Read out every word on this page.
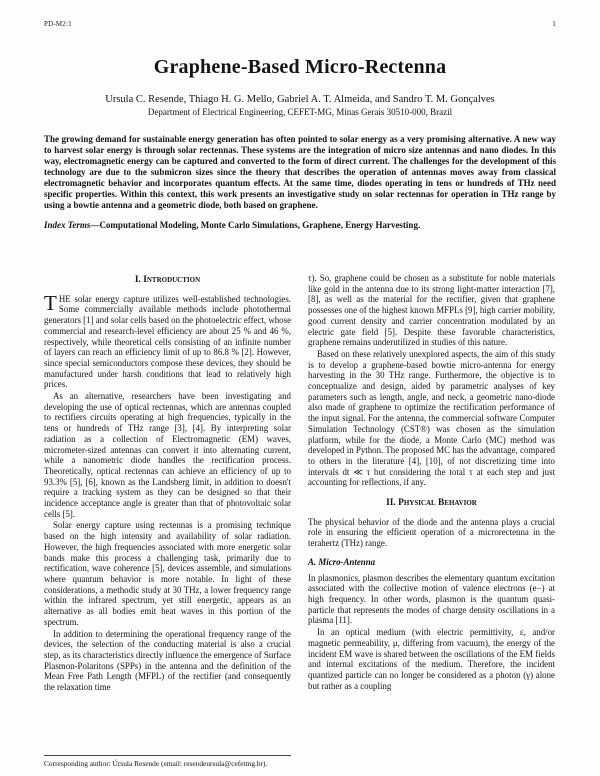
PD-M2:1	1
Graphene-Based Micro-Rectenna
Ursula C. Resende, Thiago H. G. Mello, Gabriel A. T. Almeida, and Sandro T. M. Gonçalves
Department of Electrical Engineering, CEFET-MG, Minas Gerais 30510-000, Brazil

The growing demand for sustainable energy generation has often pointed to solar energy as a very promising alternative. A new way to harvest solar energy is through solar rectennas. These systems are the integration of micro size antennas and nano diodes. In this way, electromagnetic energy can be captured and converted to the form of direct current. The challenges for the development of this technology are due to the submicron sizes since the theory that describes the operation of antennas moves away from classical electromagnetic behavior and incorporates quantum effects. At the same time, diodes operating in tens or hundreds of THz need specific properties. Within this context, this work presents an investigative study on solar rectennas for operation in THz range by using a bowtie antenna and a geometric diode, both based on graphene.

Index Terms—Computational Modeling, Monte Carlo Simulations, Graphene, Energy Harvesting.

I. Introduction

THE solar energy capture utilizes well-established technologies. Some commercially available methods include photothermal generators [1] and solar cells based on the photoelectric effect, whose commercial and research-level efficiency are about 25 % and 46 %, respectively, while theoretical cells consisting of an infinite number of layers can reach an efficiency limit of up to 86.8 % [2]. However, since special semiconductors compose these devices, they should be manufactured under harsh conditions that lead to relatively high prices.

As an alternative, researchers have been investigating and developing the use of optical rectennas, which are antennas coupled to rectifiers circuits operating at high frequencies, typically in the tens or hundreds of THz range [3], [4]. By interpreting solar radiation as a collection of Electromagnetic (EM) waves, micrometer-sized antennas can convert it into alternating current, while a nanometric diode handles the rectification process. Theoretically, optical rectennas can achieve an efficiency of up to 93.3% [5], [6], known as the Landsberg limit, in addition to doesn't require a tracking system as they can be designed so that their incidence acceptance angle is greater than that of photovoltaic solar cells [5].

Solar energy capture using rectennas is a promising technique based on the high intensity and availability of solar radiation. However, the high frequencies associated with more energetic solar bands make this process a challenging task, primarily due to rectification, wave coherence [5], devices assemble, and simulations where quantum behavior is more notable. In light of these considerations, a methodic study at 30 THz, a lower frequency range within the infrared spectrum, yet still energetic, appears as an alternative as all bodies emit heat waves in this portion of the spectrum.

In addition to determining the operational frequency range of the devices, the selection of the conducting material is also a crucial step, as its characteristics directly influence the emergence of Surface Plasmon-Polaritons (SPPs) in the antenna and the definition of the Mean Free Path Length (MFPL) of the rectifier (and consequently the relaxation time

τ). So, graphene could be chosen as a substitute for noble materials like gold in the antenna due to its strong light-matter interaction [7], [8], as well as the material for the rectifier, given that graphene possesses one of the highest known MFPLs [9], high carrier mobility, good current density and carrier concentration modulated by an electric gate field [5]. Despite these favorable characteristics, graphene remains underutilized in studies of this nature.

Based on these relatively unexplored aspects, the aim of this study is to develop a graphene-based bowtie micro-antenna for energy harvesting in the 30 THz range. Furthermore, the objective is to conceptualize and design, aided by parametric analyses of key parameters such as length, angle, and neck, a geometric nano-diode also made of graphene to optimize the rectification performance of the input signal. For the antenna, the commercial software Computer Simulation Technology (CST®) was chosen as the simulation platform, while for the diode, a Monte Carlo (MC) method was developed in Python. The proposed MC has the advantage, compared to others in the literature [4], [10], of not discretizing time into intervals dt ≪ τ but considering the total τ at each step and just accounting for reflections, if any.

II. Physical Behavior

The physical behavior of the diode and the antenna plays a crucial role in ensuring the efficient operation of a microrectenna in the terahertz (THz) range.

A. Micro-Antenna

In plasmonics, plasmon describes the elementary quantum excitation associated with the collective motion of valence electrons (e−) at high frequency. In other words, plasmon is the quantum quasi-particle that represents the modes of charge density oscillations in a plasma [11].

In an optical medium (with electric permittivity, ε, and/or magnetic permeability, μ, differing from vacuum), the energy of the incident EM wave is shared between the oscillations of the EM fields and internal excitations of the medium. Therefore, the incident quantized particle can no longer be considered as a photon (γ) alone but rather as a coupling

Corresponding author: Úrsula Resende (email: resendeursula@cefetmg.br).
